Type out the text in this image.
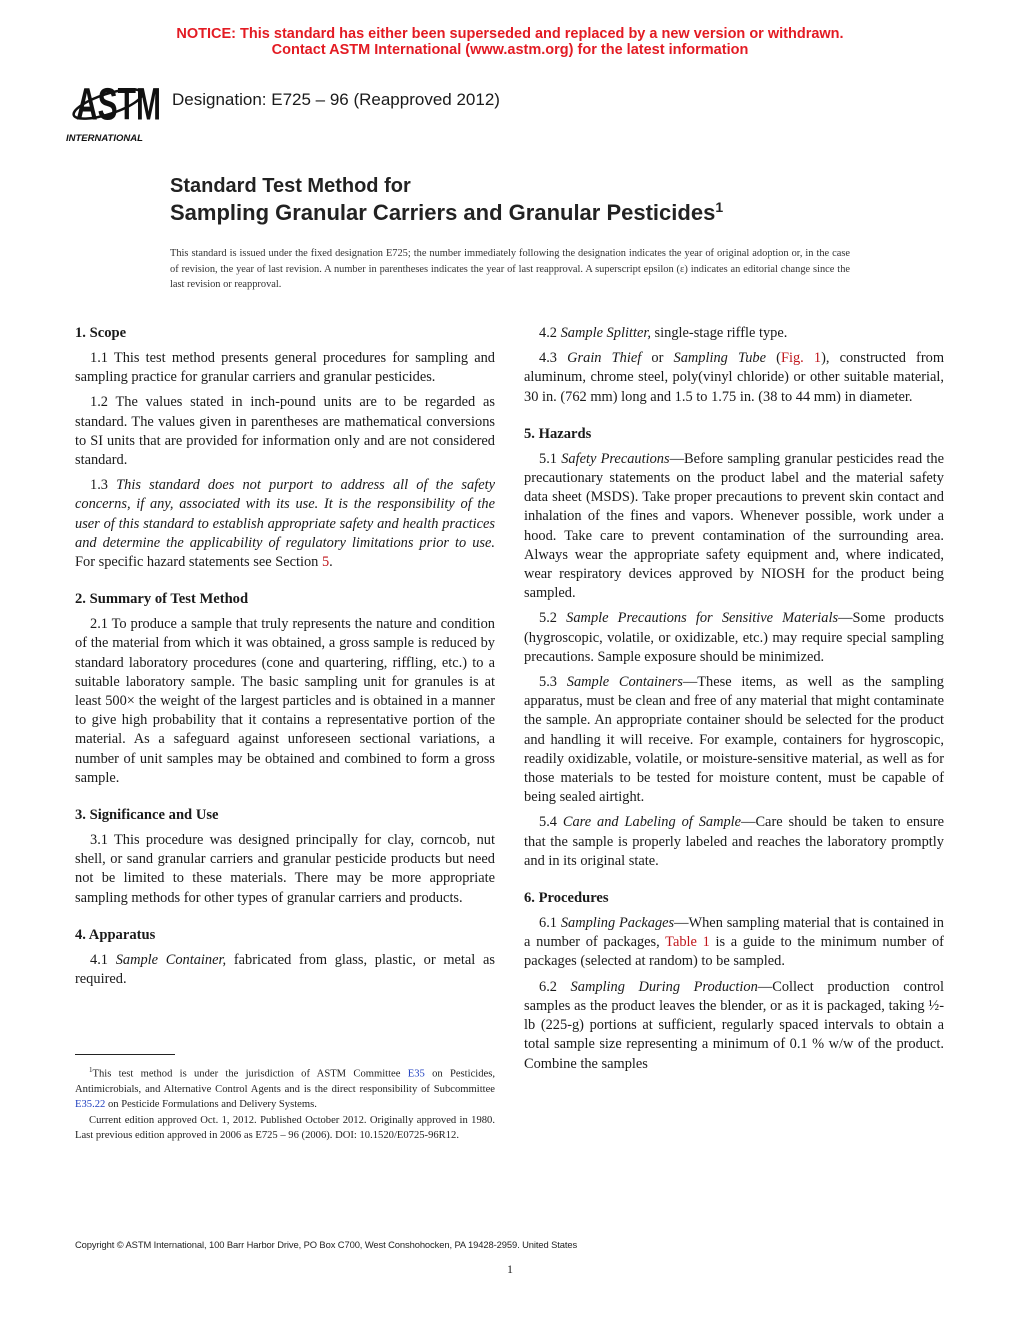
NOTICE: This standard has either been superseded and replaced by a new version or withdrawn.
Contact ASTM International (www.astm.org) for the latest information
ASTM
INTERNATIONAL
Designation: E725 – 96 (Reapproved 2012)
Standard Test Method for
Sampling Granular Carriers and Granular Pesticides$^1$
This standard is issued under the fixed designation E725; the number immediately following the designation indicates the year of original adoption or, in the case of revision, the year of last revision. A number in parentheses indicates the year of last reapproval. A superscript epsilon (ε) indicates an editorial change since the last revision or reapproval.
1. Scope

1.1 This test method presents general procedures for sampling and sampling practice for granular carriers and granular pesticides.

1.2 The values stated in inch-pound units are to be regarded as standard. The values given in parentheses are mathematical conversions to SI units that are provided for information only and are not considered standard.

1.3 This standard does not purport to address all of the safety concerns, if any, associated with its use. It is the responsibility of the user of this standard to establish appropriate safety and health practices and determine the applicability of regulatory limitations prior to use. For specific hazard statements see Section 5.

2. Summary of Test Method

2.1 To produce a sample that truly represents the nature and condition of the material from which it was obtained, a gross sample is reduced by standard laboratory procedures (cone and quartering, riffling, etc.) to a suitable laboratory sample. The basic sampling unit for granules is at least 500× the weight of the largest particles and is obtained in a manner to give high probability that it contains a representative portion of the material. As a safeguard against unforeseen sectional variations, a number of unit samples may be obtained and combined to form a gross sample.

3. Significance and Use

3.1 This procedure was designed principally for clay, corncob, nut shell, or sand granular carriers and granular pesticide products but need not be limited to these materials. There may be more appropriate sampling methods for other types of granular carriers and products.

4. Apparatus

4.1 Sample Container, fabricated from glass, plastic, or metal as required.

$^1$This test method is under the jurisdiction of ASTM Committee E35 on Pesticides, Antimicrobials, and Alternative Control Agents and is the direct responsibility of Subcommittee E35.22 on Pesticide Formulations and Delivery Systems.

Current edition approved Oct. 1, 2012. Published October 2012. Originally approved in 1980. Last previous edition approved in 2006 as E725 – 96 (2006). DOI: 10.1520/E0725-96R12.

4.2 Sample Splitter, single-stage riffle type.

4.3 Grain Thief or Sampling Tube (Fig. 1), constructed from aluminum, chrome steel, poly(vinyl chloride) or other suitable material, 30 in. (762 mm) long and 1.5 to 1.75 in. (38 to 44 mm) in diameter.

5. Hazards

5.1 Safety Precautions—Before sampling granular pesticides read the precautionary statements on the product label and the material safety data sheet (MSDS). Take proper precautions to prevent skin contact and inhalation of the fines and vapors. Whenever possible, work under a hood. Take care to prevent contamination of the surrounding area. Always wear the appropriate safety equipment and, where indicated, wear respiratory devices approved by NIOSH for the product being sampled.

5.2 Sample Precautions for Sensitive Materials—Some products (hygroscopic, volatile, or oxidizable, etc.) may require special sampling precautions. Sample exposure should be minimized.

5.3 Sample Containers—These items, as well as the sampling apparatus, must be clean and free of any material that might contaminate the sample. An appropriate container should be selected for the product and handling it will receive. For example, containers for hygroscopic, readily oxidizable, volatile, or moisture-sensitive material, as well as for those materials to be tested for moisture content, must be capable of being sealed airtight.

5.4 Care and Labeling of Sample—Care should be taken to ensure that the sample is properly labeled and reaches the laboratory promptly and in its original state.

6. Procedures

6.1 Sampling Packages—When sampling material that is contained in a number of packages, Table 1 is a guide to the minimum number of packages (selected at random) to be sampled.

6.2 Sampling During Production—Collect production control samples as the product leaves the blender, or as it is packaged, taking ½-lb (225-g) portions at sufficient, regularly spaced intervals to obtain a total sample size representing a minimum of 0.1 % w/w of the product. Combine the samples

Copyright © ASTM International, 100 Barr Harbor Drive, PO Box C700, West Conshohocken, PA 19428-2959. United States
1
